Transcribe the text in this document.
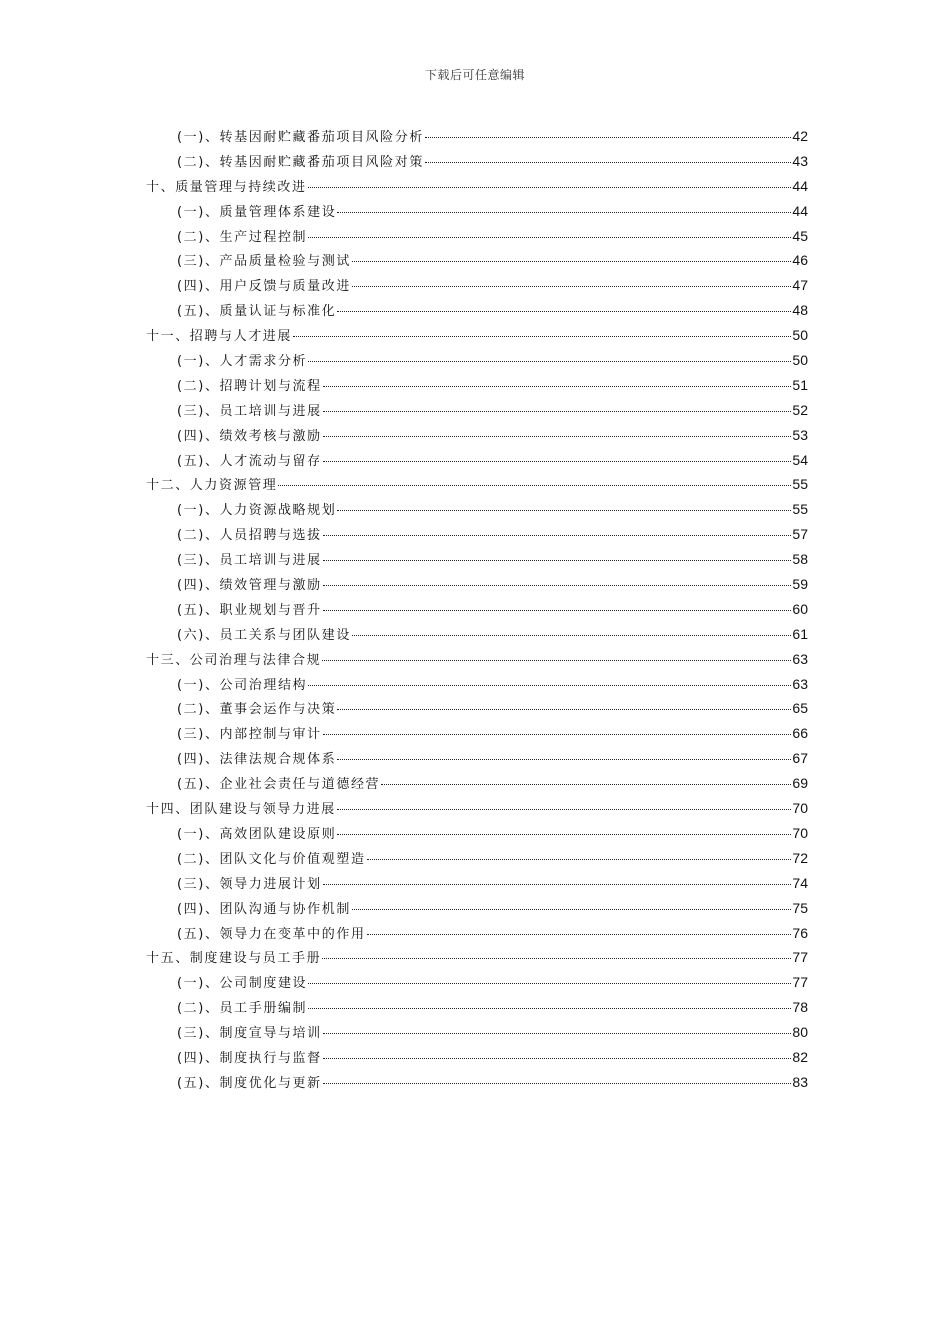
下载后可任意编辑
(一)、转基因耐贮藏番茄项目风险分析	42
(二)、转基因耐贮藏番茄项目风险对策	43
十、质量管理与持续改进	44
(一)、质量管理体系建设	44
(二)、生产过程控制	45
(三)、产品质量检验与测试	46
(四)、用户反馈与质量改进	47
(五)、质量认证与标准化	48
十一、招聘与人才进展	50
(一)、人才需求分析	50
(二)、招聘计划与流程	51
(三)、员工培训与进展	52
(四)、绩效考核与激励	53
(五)、人才流动与留存	54
十二、人力资源管理	55
(一)、人力资源战略规划	55
(二)、人员招聘与选拔	57
(三)、员工培训与进展	58
(四)、绩效管理与激励	59
(五)、职业规划与晋升	60
(六)、员工关系与团队建设	61
十三、公司治理与法律合规	63
(一)、公司治理结构	63
(二)、董事会运作与决策	65
(三)、内部控制与审计	66
(四)、法律法规合规体系	67
(五)、企业社会责任与道德经营	69
十四、团队建设与领导力进展	70
(一)、高效团队建设原则	70
(二)、团队文化与价值观塑造	72
(三)、领导力进展计划	74
(四)、团队沟通与协作机制	75
(五)、领导力在变革中的作用	76
十五、制度建设与员工手册	77
(一)、公司制度建设	77
(二)、员工手册编制	78
(三)、制度宣导与培训	80
(四)、制度执行与监督	82
(五)、制度优化与更新	83
